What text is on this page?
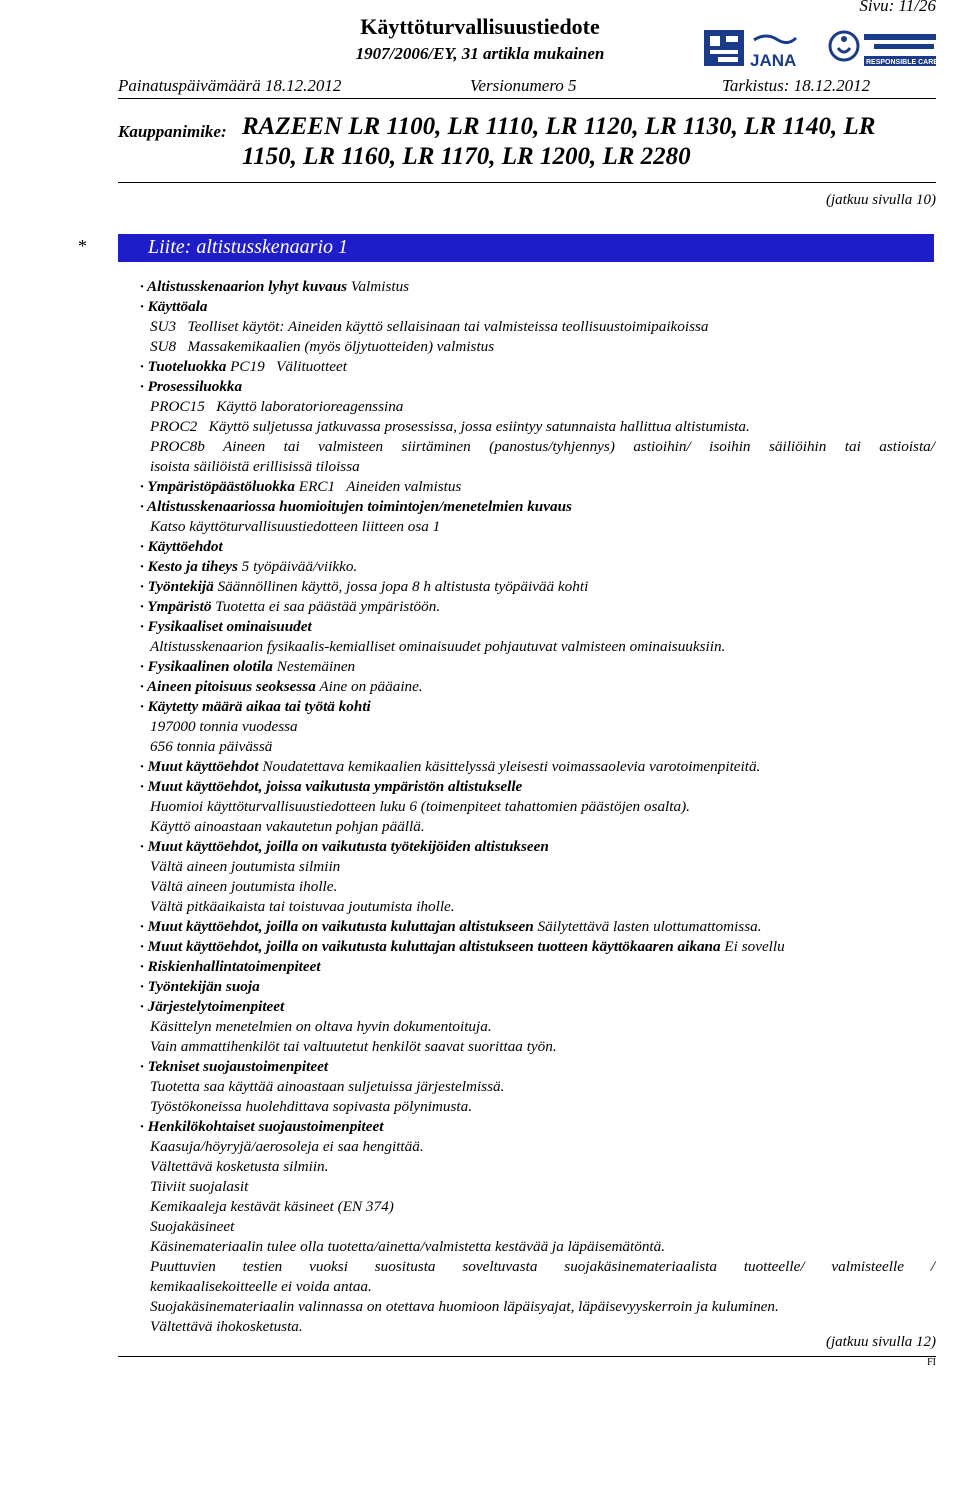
Käyttöturvallisuustiedote
1907/2006/EY, 31 artikla mukainen
Sivu: 11/26
JANA	RESPONSIBLE CARE
Painatuspäivämäärä 18.12.2012	Versionumero 5	Tarkistus: 18.12.2012
Kauppanimike: RAZEEN LR 1100, LR 1110, LR 1120, LR 1130, LR 1140, LR 1150, LR 1160, LR 1170, LR 1200, LR 2280
(jatkuu sivulla 10)
*	Liite: altistusskenaario 1
· Altistusskenaarion lyhyt kuvaus Valmistus
· Käyttöala
SU3   Teolliset käytöt: Aineiden käyttö sellaisinaan tai valmisteissa teollisuustoimipaikoissa
SU8   Massakemikaalien (myös öljytuotteiden) valmistus
· Tuoteluokka PC19   Välituotteet
· Prosessiluokka
PROC15   Käyttö laboratorioreagenssina
PROC2   Käyttö suljetussa jatkuvassa prosessissa, jossa esiintyy satunnaista hallittua altistumista.
PROC8b Aineen tai valmisteen siirtäminen (panostus/tyhjennys) astioihin/ isoihin säiliöihin tai astioista/
isoista säiliöistä erillisissä tiloissa
· Ympäristöpäästöluokka ERC1   Aineiden valmistus
· Altistusskenaariossa huomioitujen toimintojen/menetelmien kuvaus
Katso käyttöturvallisuustiedotteen liitteen osa 1
· Käyttöehdot
· Kesto ja tiheys 5 työpäivää/viikko.
· Työntekijä Säännöllinen käyttö, jossa jopa 8 h altistusta työpäivää kohti
· Ympäristö Tuotetta ei saa päästää ympäristöön.
· Fysikaaliset ominaisuudet
Altistusskenaarion fysikaalis-kemialliset ominaisuudet pohjautuvat valmisteen ominaisuuksiin.
· Fysikaalinen olotila Nestemäinen
· Aineen pitoisuus seoksessa Aine on pääaine.
· Käytetty määrä aikaa tai työtä kohti
197000 tonnia vuodessa
656 tonnia päivässä
· Muut käyttöehdot Noudatettava kemikaalien käsittelyssä yleisesti voimassaolevia varotoimenpiteitä.
· Muut käyttöehdot, joissa vaikutusta ympäristön altistukselle
Huomioi käyttöturvallisuustiedotteen luku 6 (toimenpiteet tahattomien päästöjen osalta).
Käyttö ainoastaan vakautetun pohjan päällä.
· Muut käyttöehdot, joilla on vaikutusta työtekijöiden altistukseen
Vältä aineen joutumista silmiin
Vältä aineen joutumista iholle.
Vältä pitkäaikaista tai toistuvaa joutumista iholle.
· Muut käyttöehdot, joilla on vaikutusta kuluttajan altistukseen Säilytettävä lasten ulottumattomissa.
· Muut käyttöehdot, joilla on vaikutusta kuluttajan altistukseen tuotteen käyttökaaren aikana Ei sovellu
· Riskienhallintatoimenpiteet
· Työntekijän suoja
· Järjestelytoimenpiteet
Käsittelyn menetelmien on oltava hyvin dokumentoituja.
Vain ammattihenkilöt tai valtuutetut henkilöt saavat suorittaa työn.
· Tekniset suojaustoimenpiteet
Tuotetta saa käyttää ainoastaan suljetuissa järjestelmissä.
Työstökoneissa huolehdittava sopivasta pölynimusta.
· Henkilökohtaiset suojaustoimenpiteet
Kaasuja/höyryjä/aerosoleja ei saa hengittää.
Vältettävä kosketusta silmiin.
Tiiviit suojalasit
Kemikaaleja kestävät käsineet (EN 374)
Suojakäsineet
Käsinemateriaalin tulee olla tuotetta/ainetta/valmistetta kestävää ja läpäisemätöntä.
Puuttuvien testien vuoksi suositusta soveltuvasta suojakäsinemateriaalista tuotteelle/ valmisteelle /
kemikaalisekoitteelle ei voida antaa.
Suojakäsinemateriaalin valinnassa on otettava huomioon läpäisyajat, läpäisevyyskerroin ja kuluminen.
Vältettävä ihokosketusta.
(jatkuu sivulla 12)
FI
